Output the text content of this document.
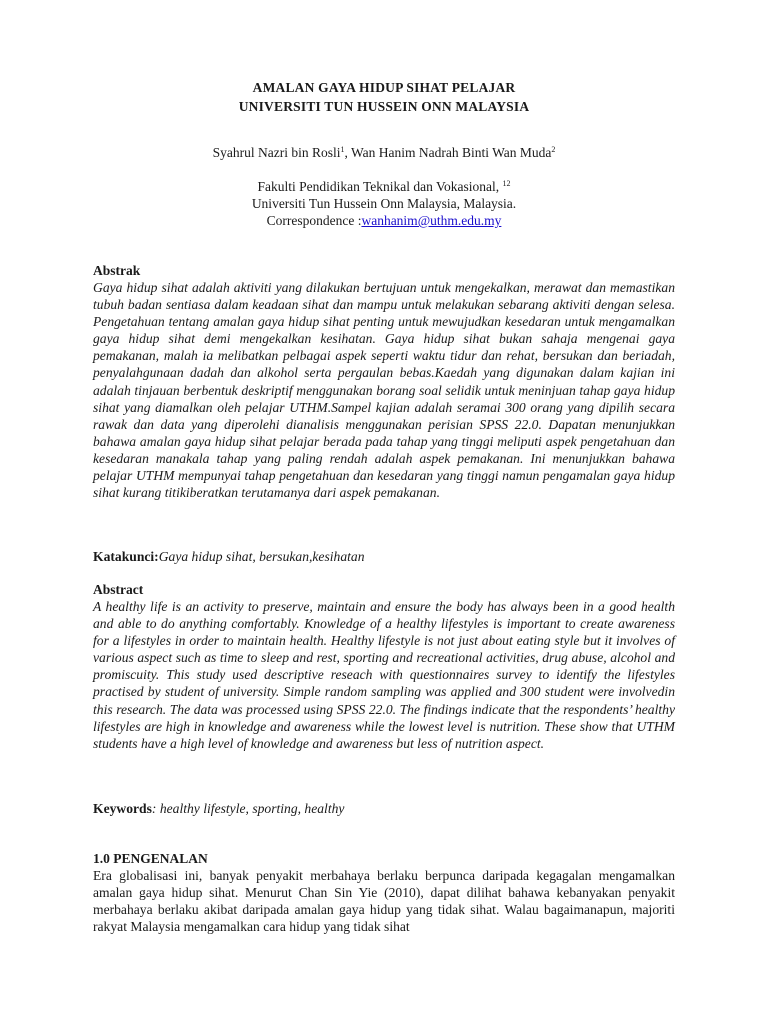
AMALAN GAYA HIDUP SIHAT PELAJAR
UNIVERSITI TUN HUSSEIN ONN MALAYSIA
Syahrul Nazri bin Rosli$^1$, Wan Hanim Nadrah Binti Wan Muda$^2$
Fakulti Pendidikan Teknikal dan Vokasional, $^{12}$
Universiti Tun Hussein Onn Malaysia, Malaysia.
Correspondence :wanhanim@uthm.edu.my
Abstrak
Gaya hidup sihat adalah aktiviti yang dilakukan bertujuan untuk mengekalkan, merawat dan memastikan tubuh badan sentiasa dalam keadaan sihat dan mampu untuk melakukan sebarang aktiviti dengan selesa. Pengetahuan tentang amalan gaya hidup sihat penting untuk mewujudkan kesedaran untuk mengamalkan gaya hidup sihat demi mengekalkan kesihatan. Gaya hidup sihat bukan sahaja mengenai gaya pemakanan, malah ia melibatkan pelbagai aspek seperti waktu tidur dan rehat, bersukan dan beriadah, penyalahgunaan dadah dan alkohol serta pergaulan bebas.Kaedah yang digunakan dalam kajian ini adalah tinjauan berbentuk deskriptif menggunakan borang soal selidik untuk meninjuan tahap gaya hidup sihat yang diamalkan oleh pelajar UTHM.Sampel kajian adalah seramai 300 orang yang dipilih secara rawak dan data yang diperolehi dianalisis menggunakan perisian SPSS 22.0. Dapatan menunjukkan bahawa amalan gaya hidup sihat pelajar berada pada tahap yang tinggi meliputi aspek pengetahuan dan kesedaran manakala tahap yang paling rendah adalah aspek pemakanan. Ini menunjukkan bahawa pelajar UTHM mempunyai tahap pengetahuan dan kesedaran yang tinggi namun pengamalan gaya hidup sihat kurang titikiberatkan terutamanya dari aspek pemakanan.
Katakunci:Gaya hidup sihat, bersukan,kesihatan
Abstract
A healthy life is an activity to preserve, maintain and ensure the body has always been in a good health and able to do anything comfortably. Knowledge of a healthy lifestyles is important to create awareness for a lifestyles in order to maintain health. Healthy lifestyle is not just about eating style but it involves of various aspect such as time to sleep and rest, sporting and recreational activities, drug abuse, alcohol and promiscuity. This study used descriptive reseach with questionnaires survey to identify the lifestyles practised by student of university. Simple random sampling was applied and 300 student were involvedin this research. The data was processed using SPSS 22.0. The findings indicate that the respondents’ healthy lifestyles are high in knowledge and awareness while the lowest level is nutrition. These show that UTHM students have a high level of knowledge and awareness but less of nutrition aspect.
Keywords: healthy lifestyle, sporting, healthy
1.0 PENGENALAN
Era globalisasi ini, banyak penyakit merbahaya berlaku berpunca daripada kegagalan mengamalkan amalan gaya hidup sihat. Menurut Chan Sin Yie (2010), dapat dilihat bahawa kebanyakan penyakit merbahaya berlaku akibat daripada amalan gaya hidup yang tidak sihat. Walau bagaimanapun, majoriti rakyat Malaysia mengamalkan cara hidup yang tidak sihat
